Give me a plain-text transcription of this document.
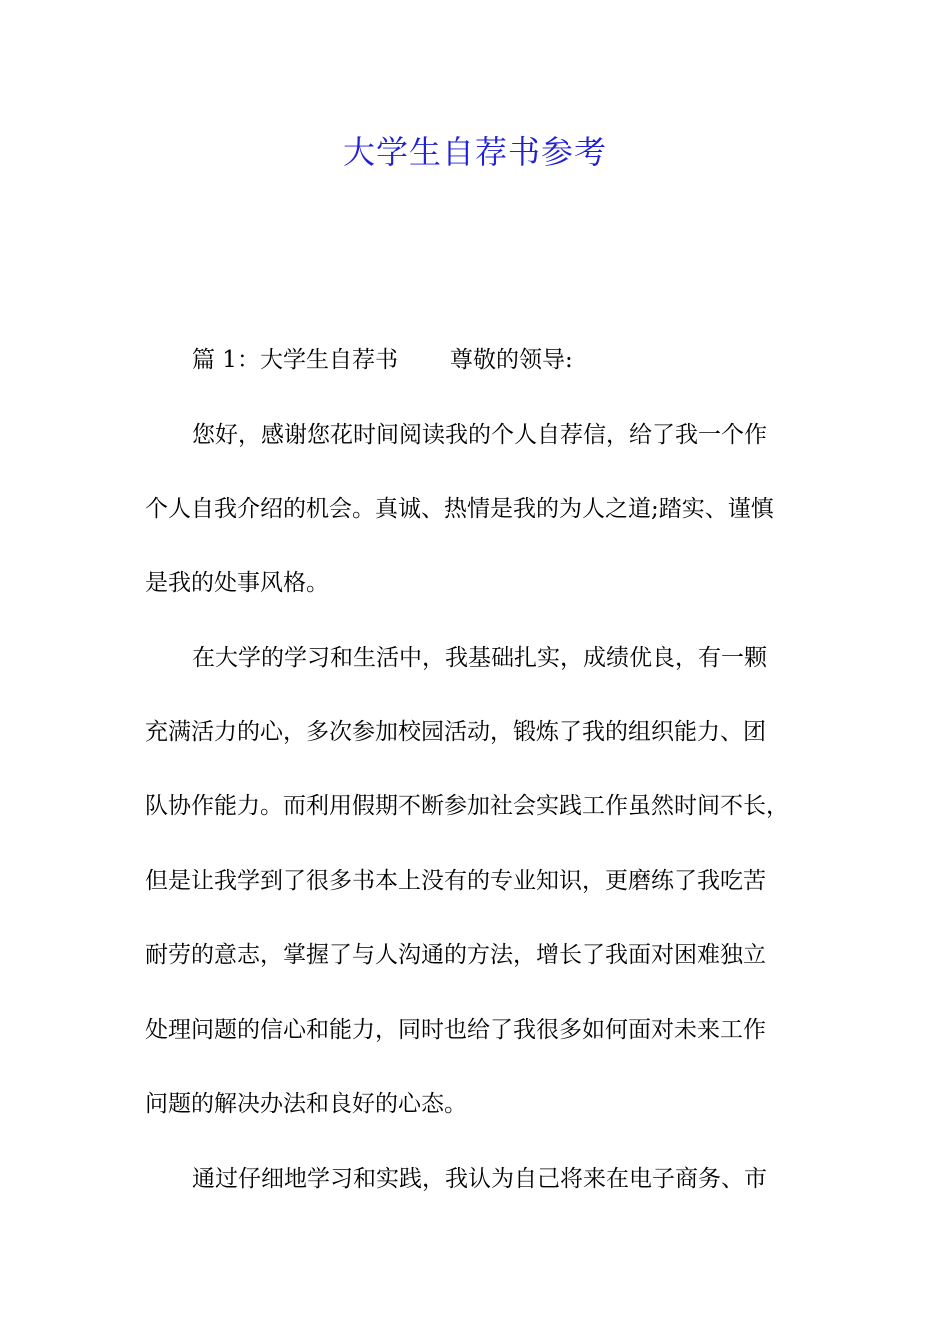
大学生自荐书参考

篇 1：大学生自荐书 尊敬的领导:

您好，感谢您花时间阅读我的个人自荐信，给了我一个作

个人自我介绍的机会。真诚、热情是我的为人之道;踏实、谨慎

是我的处事风格。

在大学的学习和生活中，我基础扎实，成绩优良，有一颗

充满活力的心，多次参加校园活动，锻炼了我的组织能力、团

队协作能力。而利用假期不断参加社会实践工作虽然时间不长，

但是让我学到了很多书本上没有的专业知识，更磨练了我吃苦

耐劳的意志，掌握了与人沟通的方法，增长了我面对困难独立

处理问题的信心和能力，同时也给了我很多如何面对未来工作

问题的解决办法和良好的心态。

通过仔细地学习和实践，我认为自己将来在电子商务、市
